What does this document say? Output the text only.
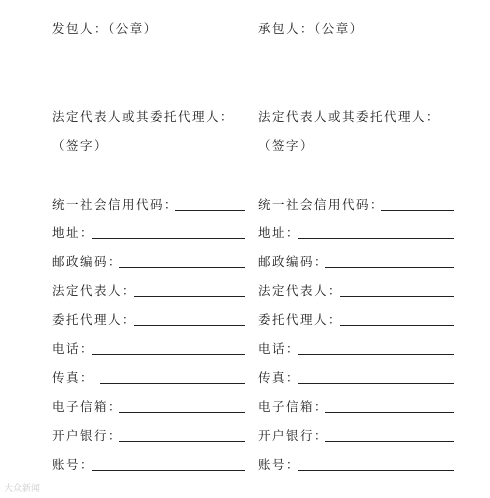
发包人：（公章）
法定代表人或其委托代理人：
（签字）
统一社会信用代码：
地址：
邮政编码：
法定代表人：
委托代理人：
电话：
传真：
电子信箱：
开户银行：
账号：
承包人：（公章）
法定代表人或其委托代理人：
（签字）
统一社会信用代码：
地址：
邮政编码：
法定代表人：
委托代理人：
电话：
传真：
电子信箱：
开户银行：
账号：
大众新闻
